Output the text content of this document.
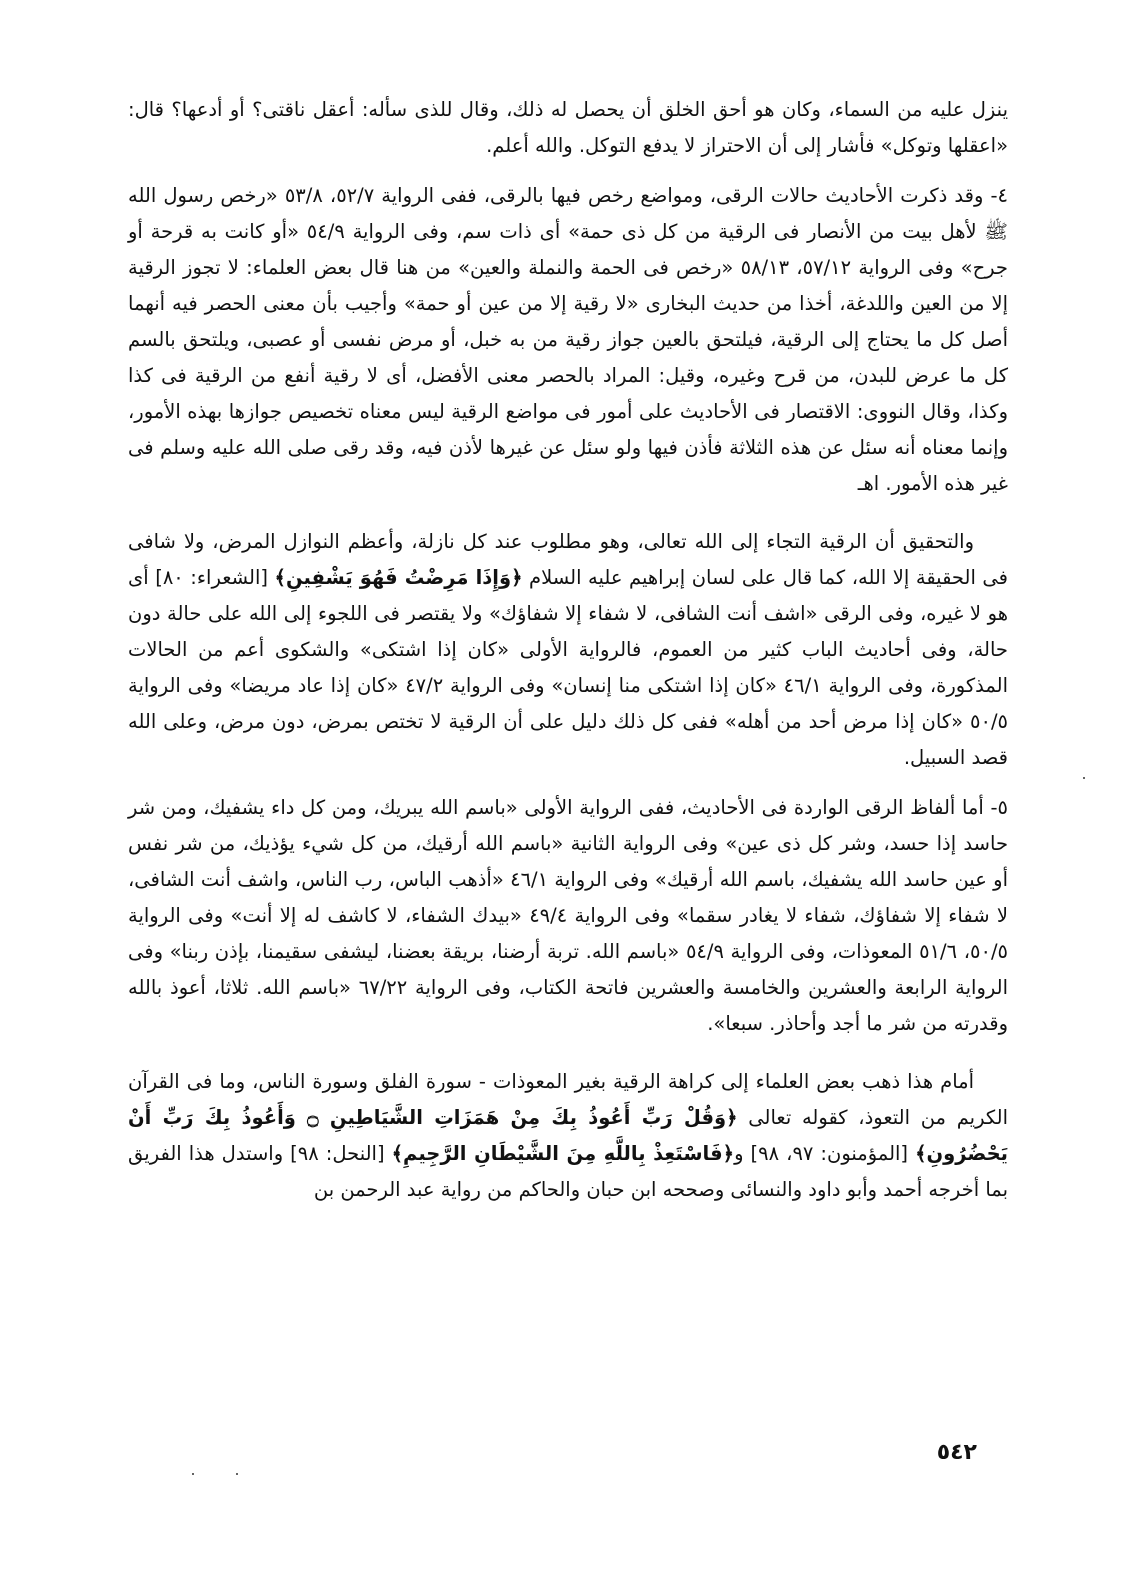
ينزل عليه من السماء، وكان هو أحق الخلق أن يحصل له ذلك، وقال للذى سأله: أعقل ناقتى؟ أو أدعها؟ قال: «اعقلها وتوكل» فأشار إلى أن الاحتراز لا يدفع التوكل. والله أعلم.

٤- وقد ذكرت الأحاديث حالات الرقى، ومواضع رخص فيها بالرقى، ففى الرواية ٥٢/٧، ٥٣/٨ «رخص رسول الله ﷺ لأهل بيت من الأنصار فى الرقية من كل ذى حمة» أى ذات سم، وفى الرواية ٥٤/٩ «أو كانت به قرحة أو جرح» وفى الرواية ٥٧/١٢، ٥٨/١٣ «رخص فى الحمة والنملة والعين» من هنا قال بعض العلماء: لا تجوز الرقية إلا من العين واللدغة، أخذا من حديث البخارى «لا رقية إلا من عين أو حمة» وأجيب بأن معنى الحصر فيه أنهما أصل كل ما يحتاج إلى الرقية، فيلتحق بالعين جواز رقية من به خبل، أو مرض نفسى أو عصبى، ويلتحق بالسم كل ما عرض للبدن، من قرح وغيره، وقيل: المراد بالحصر معنى الأفضل، أى لا رقية أنفع من الرقية فى كذا وكذا، وقال النووى: الاقتصار فى الأحاديث على أمور فى مواضع الرقية ليس معناه تخصيص جوازها بهذه الأمور، وإنما معناه أنه سئل عن هذه الثلاثة فأذن فيها ولو سئل عن غيرها لأذن فيه، وقد رقى صلى الله عليه وسلم فى غير هذه الأمور. اهـ

والتحقيق أن الرقية التجاء إلى الله تعالى، وهو مطلوب عند كل نازلة، وأعظم النوازل المرض، ولا شافى فى الحقيقة إلا الله، كما قال على لسان إبراهيم عليه السلام ﴿وَإِذَا مَرِضْتُ فَهُوَ يَشْفِينِ﴾ [الشعراء: ٨٠] أى هو لا غيره، وفى الرقى «اشف أنت الشافى، لا شفاء إلا شفاؤك» ولا يقتصر فى اللجوء إلى الله على حالة دون حالة، وفى أحاديث الباب كثير من العموم، فالرواية الأولى «كان إذا اشتكى» والشكوى أعم من الحالات المذكورة، وفى الرواية ٤٦/١ «كان إذا اشتكى منا إنسان» وفى الرواية ٤٧/٢ «كان إذا عاد مريضا» وفى الرواية ٥٠/٥ «كان إذا مرض أحد من أهله» ففى كل ذلك دليل على أن الرقية لا تختص بمرض، دون مرض، وعلى الله قصد السبيل.

٥- أما ألفاظ الرقى الواردة فى الأحاديث، ففى الرواية الأولى «باسم الله يبريك، ومن كل داء يشفيك، ومن شر حاسد إذا حسد، وشر كل ذى عين» وفى الرواية الثانية «باسم الله أرقيك، من كل شيء يؤذيك، من شر نفس أو عين حاسد الله يشفيك، باسم الله أرقيك» وفى الرواية ٤٦/١ «أذهب الباس، رب الناس، واشف أنت الشافى، لا شفاء إلا شفاؤك، شفاء لا يغادر سقما» وفى الرواية ٤٩/٤ «بيدك الشفاء، لا كاشف له إلا أنت» وفى الرواية ٥٠/٥، ٥١/٦ المعوذات، وفى الرواية ٥٤/٩ «باسم الله. تربة أرضنا، بريقة بعضنا، ليشفى سقيمنا، بإذن ربنا» وفى الرواية الرابعة والعشرين والخامسة والعشرين فاتحة الكتاب، وفى الرواية ٦٧/٢٢ «باسم الله. ثلاثا، أعوذ بالله وقدرته من شر ما أجد وأحاذر. سبعا».

أمام هذا ذهب بعض العلماء إلى كراهة الرقية بغير المعوذات - سورة الفلق وسورة الناس، وما فى القرآن الكريم من التعوذ، كقوله تعالى ﴿وَقُلْ رَبِّ أَعُوذُ بِكَ مِنْ هَمَزَاتِ الشَّيَاطِينِ ۝ وَأَعُوذُ بِكَ رَبِّ أَنْ يَحْضُرُونِ﴾ [المؤمنون: ٩٧، ٩٨] و﴿فَاسْتَعِذْ بِاللَّهِ مِنَ الشَّيْطَانِ الرَّجِيمِ﴾ [النحل: ٩٨] واستدل هذا الفريق بما أخرجه أحمد وأبو داود والنسائى وصححه ابن حبان والحاكم من رواية عبد الرحمن بن

٥٤٢
